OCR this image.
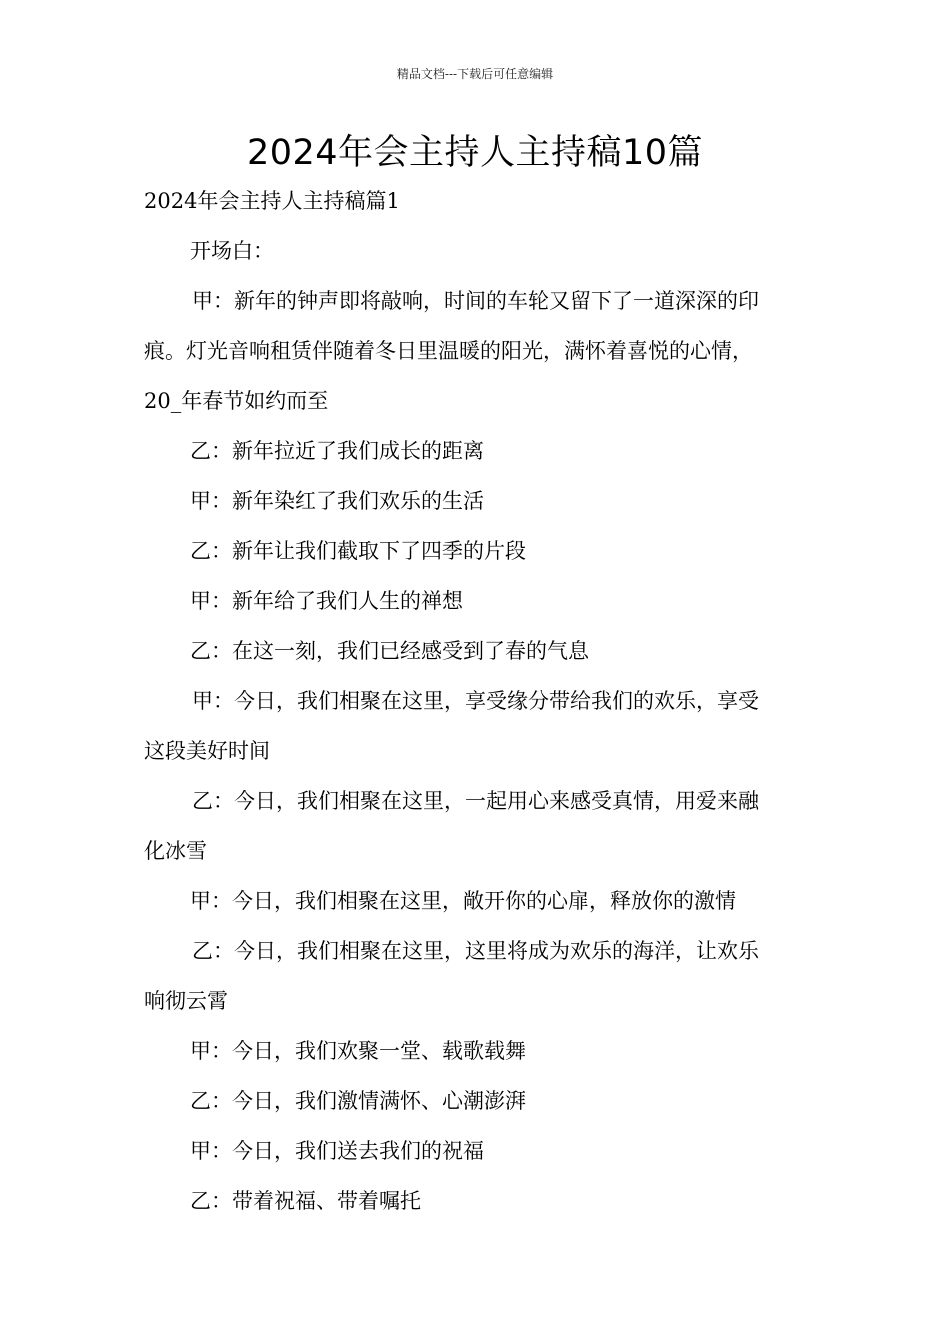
精品文档---下载后可任意编辑
2024年会主持人主持稿10篇
2024年会主持人主持稿篇1
开场白：
甲：新年的钟声即将敲响，时间的车轮又留下了一道深深的印
痕。灯光音响租赁伴随着冬日里温暖的阳光，满怀着喜悦的心情，
20_年春节如约而至
乙：新年拉近了我们成长的距离
甲：新年染红了我们欢乐的生活
乙：新年让我们截取下了四季的片段
甲：新年给了我们人生的禅想
乙：在这一刻，我们已经感受到了春的气息
甲：今日，我们相聚在这里，享受缘分带给我们的欢乐，享受
这段美好时间
乙：今日，我们相聚在这里，一起用心来感受真情，用爱来融
化冰雪
甲：今日，我们相聚在这里，敞开你的心扉，释放你的激情
乙：今日，我们相聚在这里，这里将成为欢乐的海洋，让欢乐
响彻云霄
甲：今日，我们欢聚一堂、载歌载舞
乙：今日，我们激情满怀、心潮澎湃
甲：今日，我们送去我们的祝福
乙：带着祝福、带着嘱托
